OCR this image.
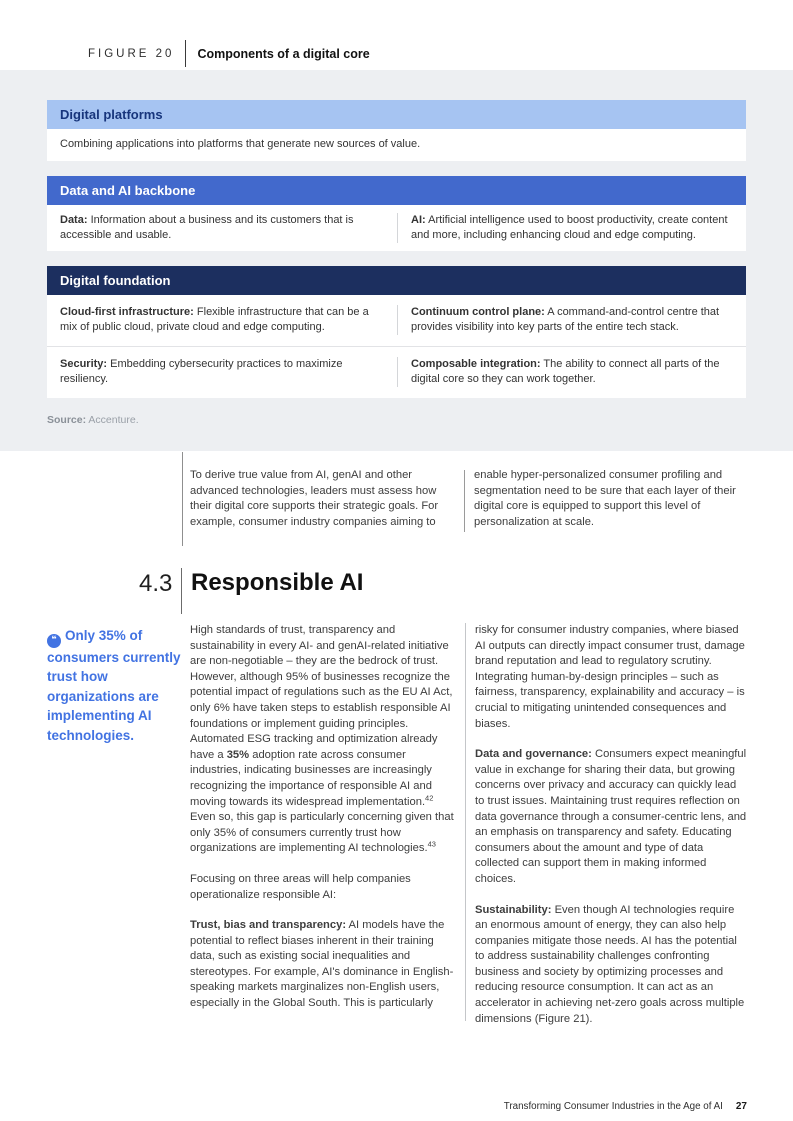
FIGURE 20 Components of a digital core
Digital platforms
Combining applications into platforms that generate new sources of value.
Data and AI backbone
Data: Information about a business and its customers that is accessible and usable.
AI: Artificial intelligence used to boost productivity, create content and more, including enhancing cloud and edge computing.
Digital foundation
Cloud-first infrastructure: Flexible infrastructure that can be a mix of public cloud, private cloud and edge computing.
Continuum control plane: A command-and-control centre that provides visibility into key parts of the entire tech stack.
Security: Embedding cybersecurity practices to maximize resiliency.
Composable integration: The ability to connect all parts of the digital core so they can work together.
Source: Accenture.

To derive true value from AI, genAI and other advanced technologies, leaders must assess how their digital core supports their strategic goals. For example, consumer industry companies aiming to

enable hyper-personalized consumer profiling and segmentation need to be sure that each layer of their digital core is equipped to support this level of personalization at scale.

4.3 Responsible AI
❝ Only 35% of consumers currently trust how organizations are implementing AI technologies.

High standards of trust, transparency and sustainability in every AI- and genAI-related initiative are non-negotiable – they are the bedrock of trust. However, although 95% of businesses recognize the potential impact of regulations such as the EU AI Act, only 6% have taken steps to establish responsible AI foundations or implement guiding principles. Automated ESG tracking and optimization already have a 35% adoption rate across consumer industries, indicating businesses are increasingly recognizing the importance of responsible AI and moving towards its widespread implementation.$^{42}$ Even so, this gap is particularly concerning given that only 35% of consumers currently trust how organizations are implementing AI technologies.$^{43}$

Focusing on three areas will help companies operationalize responsible AI:

Trust, bias and transparency: AI models have the potential to reflect biases inherent in their training data, such as existing social inequalities and stereotypes. For example, AI's dominance in English-speaking markets marginalizes non-English users, especially in the Global South. This is particularly

risky for consumer industry companies, where biased AI outputs can directly impact consumer trust, damage brand reputation and lead to regulatory scrutiny. Integrating human-by-design principles – such as fairness, transparency, explainability and accuracy – is crucial to mitigating unintended consequences and biases.

Data and governance: Consumers expect meaningful value in exchange for sharing their data, but growing concerns over privacy and accuracy can quickly lead to trust issues. Maintaining trust requires reflection on data governance through a consumer-centric lens, and an emphasis on transparency and safety. Educating consumers about the amount and type of data collected can support them in making informed choices.

Sustainability: Even though AI technologies require an enormous amount of energy, they can also help companies mitigate those needs. AI has the potential to address sustainability challenges confronting business and society by optimizing processes and reducing resource consumption. It can act as an accelerator in achieving net-zero goals across multiple dimensions (Figure 21).

Transforming Consumer Industries in the Age of AI 27
